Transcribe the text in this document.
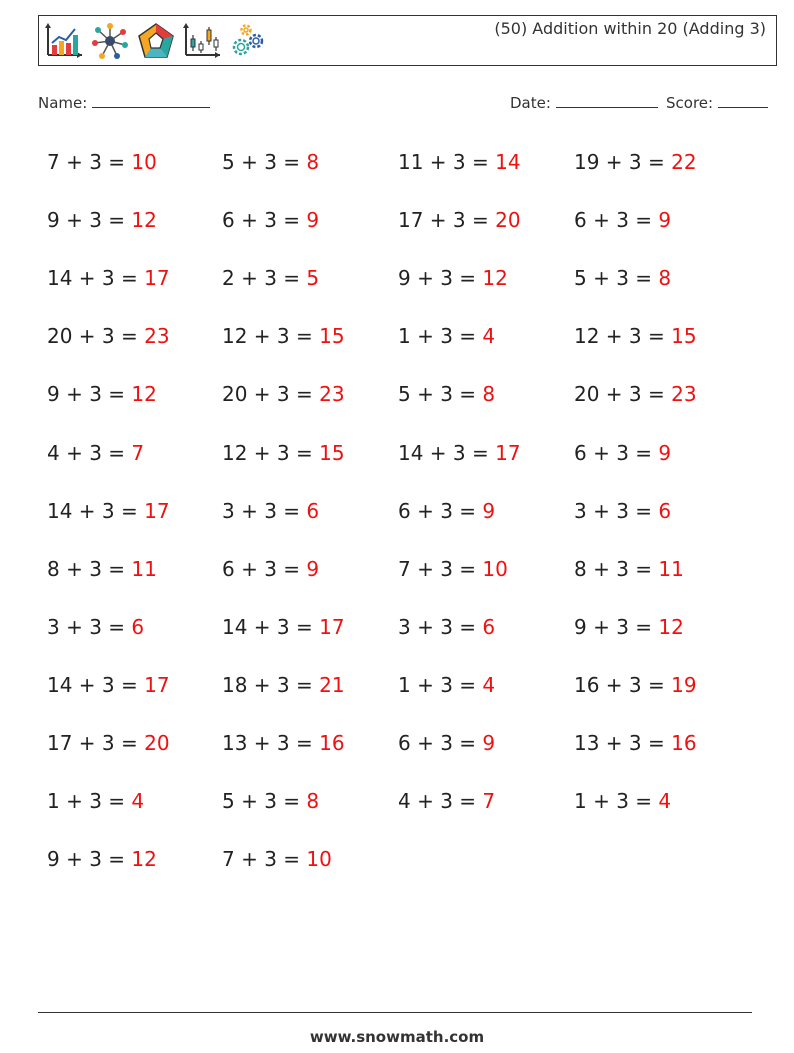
(50) Addition within 20 (Adding 3)
Name:	Date:	Score:
7 + 3 = 10	5 + 3 = 8	11 + 3 = 14	19 + 3 = 22
9 + 3 = 12	6 + 3 = 9	17 + 3 = 20	6 + 3 = 9
14 + 3 = 17	2 + 3 = 5	9 + 3 = 12	5 + 3 = 8
20 + 3 = 23	12 + 3 = 15	1 + 3 = 4	12 + 3 = 15
9 + 3 = 12	20 + 3 = 23	5 + 3 = 8	20 + 3 = 23
4 + 3 = 7	12 + 3 = 15	14 + 3 = 17	6 + 3 = 9
14 + 3 = 17	3 + 3 = 6	6 + 3 = 9	3 + 3 = 6
8 + 3 = 11	6 + 3 = 9	7 + 3 = 10	8 + 3 = 11
3 + 3 = 6	14 + 3 = 17	3 + 3 = 6	9 + 3 = 12
14 + 3 = 17	18 + 3 = 21	1 + 3 = 4	16 + 3 = 19
17 + 3 = 20	13 + 3 = 16	6 + 3 = 9	13 + 3 = 16
1 + 3 = 4	5 + 3 = 8	4 + 3 = 7	1 + 3 = 4
9 + 3 = 12	7 + 3 = 10
www.snowmath.com
